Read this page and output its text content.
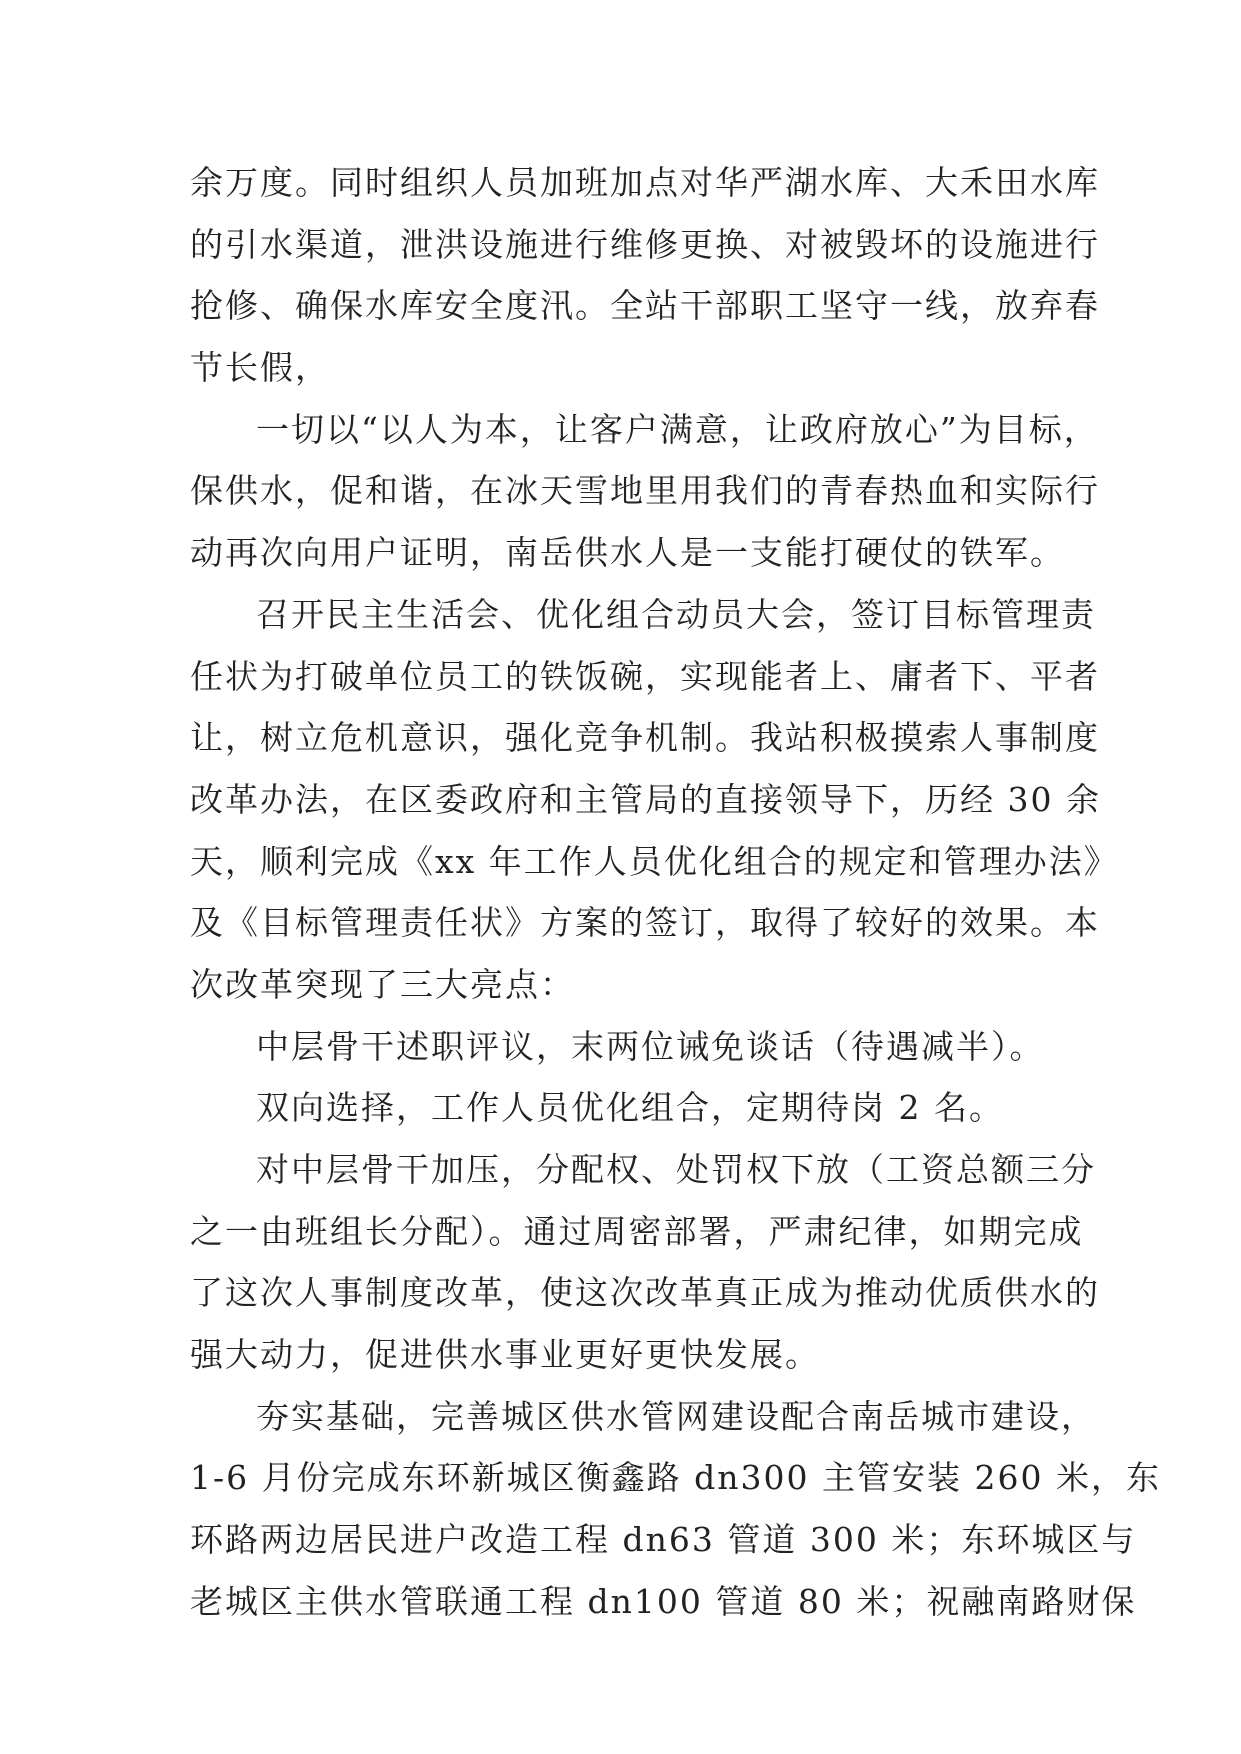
余万度。同时组织人员加班加点对华严湖水库、大禾田水库
的引水渠道，泄洪设施进行维修更换、对被毁坏的设施进行
抢修、确保水库安全度汛。全站干部职工坚守一线，放弃春
节长假，
一切以“以人为本，让客户满意，让政府放心”为目标，
保供水，促和谐，在冰天雪地里用我们的青春热血和实际行
动再次向用户证明，南岳供水人是一支能打硬仗的铁军。
召开民主生活会、优化组合动员大会，签订目标管理责
任状为打破单位员工的铁饭碗，实现能者上、庸者下、平者
让，树立危机意识，强化竞争机制。我站积极摸索人事制度
改革办法，在区委政府和主管局的直接领导下，历经 30 余
天，顺利完成《xx 年工作人员优化组合的规定和管理办法》
及《目标管理责任状》方案的签订，取得了较好的效果。本
次改革突现了三大亮点：
中层骨干述职评议，末两位诫免谈话（待遇减半）。
双向选择，工作人员优化组合，定期待岗 2 名。
对中层骨干加压，分配权、处罚权下放（工资总额三分
之一由班组长分配）。通过周密部署，严肃纪律，如期完成
了这次人事制度改革，使这次改革真正成为推动优质供水的
强大动力，促进供水事业更好更快发展。
夯实基础，完善城区供水管网建设配合南岳城市建设，
1-6 月份完成东环新城区衡鑫路 dn300 主管安装 260 米，东
环路两边居民进户改造工程 dn63 管道 300 米；东环城区与
老城区主供水管联通工程 dn100 管道 80 米；祝融南路财保
